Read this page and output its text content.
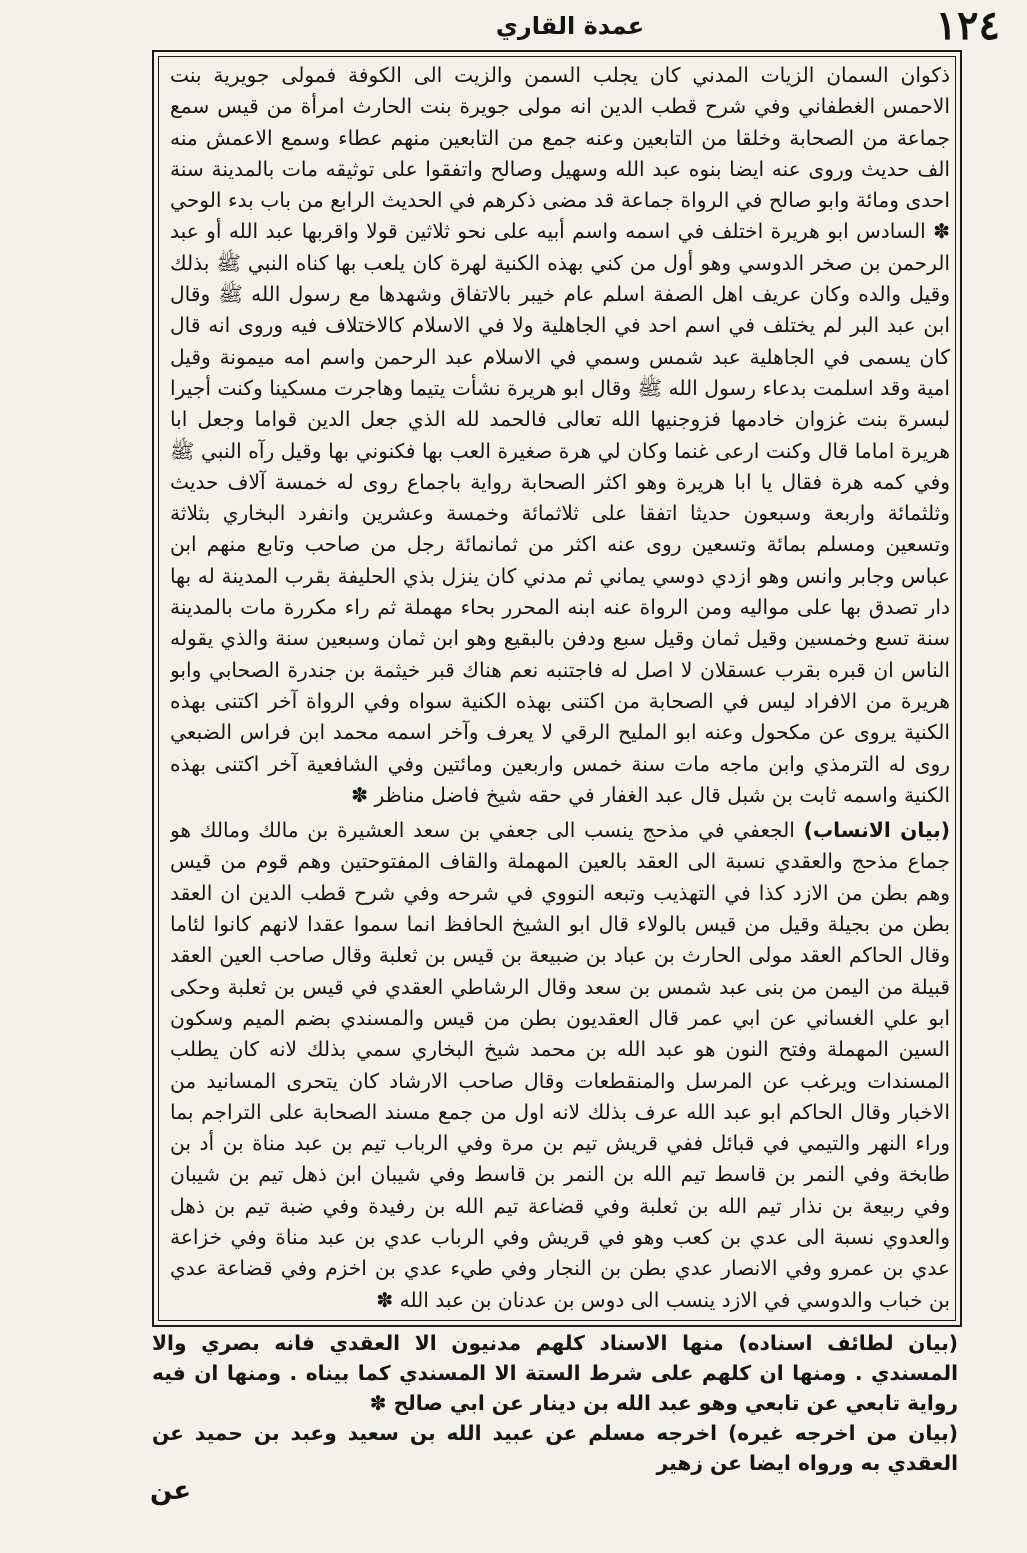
١٢٤
عمدة القاري

ذكوان السمان الزيات المدني كان يجلب السمن والزيت الى الكوفة فمولى جويرية بنت الاحمس الغطفاني وفي شرح قطب الدين انه مولى جويرة بنت الحارث امرأة من قيس سمع جماعة من الصحابة وخلقا من التابعين وعنه جمع من التابعين منهم عطاء وسمع الاعمش منه الف حديث وروى عنه ايضا بنوه عبد الله وسهيل وصالح واتفقوا على توثيقه مات بالمدينة سنة احدى ومائة وابو صالح في الرواة جماعة قد مضى ذكرهم في الحديث الرابع من باب بدء الوحي ✽ السادس ابو هريرة اختلف في اسمه واسم أبيه على نحو ثلاثين قولا واقربها عبد الله أو عبد الرحمن بن صخر الدوسي وهو أول من كني بهذه الكنية لهرة كان يلعب بها كناه النبي ﷺ بذلك وقيل والده وكان عريف اهل الصفة اسلم عام خيبر بالاتفاق وشهدها مع رسول الله ﷺ وقال ابن عبد البر لم يختلف في اسم احد في الجاهلية ولا في الاسلام كالاختلاف فيه وروى انه قال كان يسمى في الجاهلية عبد شمس وسمي في الاسلام عبد الرحمن واسم امه ميمونة وقيل امية وقد اسلمت بدعاء رسول الله ﷺ وقال ابو هريرة نشأت يتيما وهاجرت مسكينا وكنت أجيرا لبسرة بنت غزوان خادمها فزوجنيها الله تعالى فالحمد لله الذي جعل الدين قواما وجعل ابا هريرة اماما قال وكنت ارعى غنما وكان لي هرة صغيرة العب بها فكنوني بها وقيل رآه النبي ﷺ وفي كمه هرة فقال يا ابا هريرة وهو اكثر الصحابة رواية باجماع روى له خمسة آلاف حديث وثلثمائة واربعة وسبعون حديثا اتفقا على ثلاثمائة وخمسة وعشرين وانفرد البخاري بثلاثة وتسعين ومسلم بمائة وتسعين روى عنه اكثر من ثمانمائة رجل من صاحب وتابع منهم ابن عباس وجابر وانس وهو ازدي دوسي يماني ثم مدني كان ينزل بذي الحليفة بقرب المدينة له بها دار تصدق بها على مواليه ومن الرواة عنه ابنه المحرر بحاء مهملة ثم راء مكررة مات بالمدينة سنة تسع وخمسين وقيل ثمان وقيل سبع ودفن بالبقيع وهو ابن ثمان وسبعين سنة والذي يقوله الناس ان قبره بقرب عسقلان لا اصل له فاجتنبه نعم هناك قبر خيثمة بن جندرة الصحابي وابو هريرة من الافراد ليس في الصحابة من اكتنى بهذه الكنية سواه وفي الرواة آخر اكتنى بهذه الكنية يروى عن مكحول وعنه ابو المليح الرقي لا يعرف وآخر اسمه محمد ابن فراس الضبعي روى له الترمذي وابن ماجه مات سنة خمس واربعين ومائتين وفي الشافعية آخر اكتنى بهذه الكنية واسمه ثابت بن شبل قال عبد الغفار في حقه شيخ فاضل مناظر ✽

(بيان الانساب) الجعفي في مذحج ينسب الى جعفي بن سعد العشيرة بن مالك ومالك هو جماع مذحج والعقدي نسبة الى العقد بالعين المهملة والقاف المفتوحتين وهم قوم من قيس وهم بطن من الازد كذا في التهذيب وتبعه النووي في شرحه وفي شرح قطب الدين ان العقد بطن من بجيلة وقيل من قيس بالولاء قال ابو الشيخ الحافظ انما سموا عقدا لانهم كانوا لئاما وقال الحاكم العقد مولى الحارث بن عباد بن ضبيعة بن قيس بن ثعلبة وقال صاحب العين العقد قبيلة من اليمن من بنى عبد شمس بن سعد وقال الرشاطي العقدي في قيس بن ثعلبة وحكى ابو علي الغساني عن ابي عمر قال العقديون بطن من قيس والمسندي بضم الميم وسكون السين المهملة وفتح النون هو عبد الله بن محمد شيخ البخاري سمي بذلك لانه كان يطلب المسندات ويرغب عن المرسل والمنقطعات وقال صاحب الارشاد كان يتحرى المسانيد من الاخبار وقال الحاكم ابو عبد الله عرف بذلك لانه اول من جمع مسند الصحابة على التراجم بما وراء النهر والتيمي في قبائل ففي قريش تيم بن مرة وفي الرباب تيم بن عبد مناة بن أد بن طابخة وفي النمر بن قاسط تيم الله بن النمر بن قاسط وفي شيبان ابن ذهل تيم بن شيبان وفي ربيعة بن نذار تيم الله بن ثعلبة وفي قضاعة تيم الله بن رفيدة وفي ضبة تيم بن ذهل والعدوي نسبة الى عدي بن كعب وهو في قريش وفي الرباب عدي بن عبد مناة وفي خزاعة عدي بن عمرو وفي الانصار عدي بطن بن النجار وفي طيء عدي بن اخزم وفي قضاعة عدي بن خباب والدوسي في الازد ينسب الى دوس بن عدنان بن عبد الله ✽

(بيان لطائف اسناده) منها الاسناد كلهم مدنيون الا العقدي فانه بصري والا المسندي . ومنها ان كلهم على شرط الستة الا المسندي كما بيناه . ومنها ان فيه رواية تابعي عن تابعي وهو عبد الله بن دينار عن ابي صالح ✽

(بيان من اخرجه غيره) اخرجه مسلم عن عبيد الله بن سعيد وعبد بن حميد عن العقدي به ورواه ايضا عن زهير

عن
